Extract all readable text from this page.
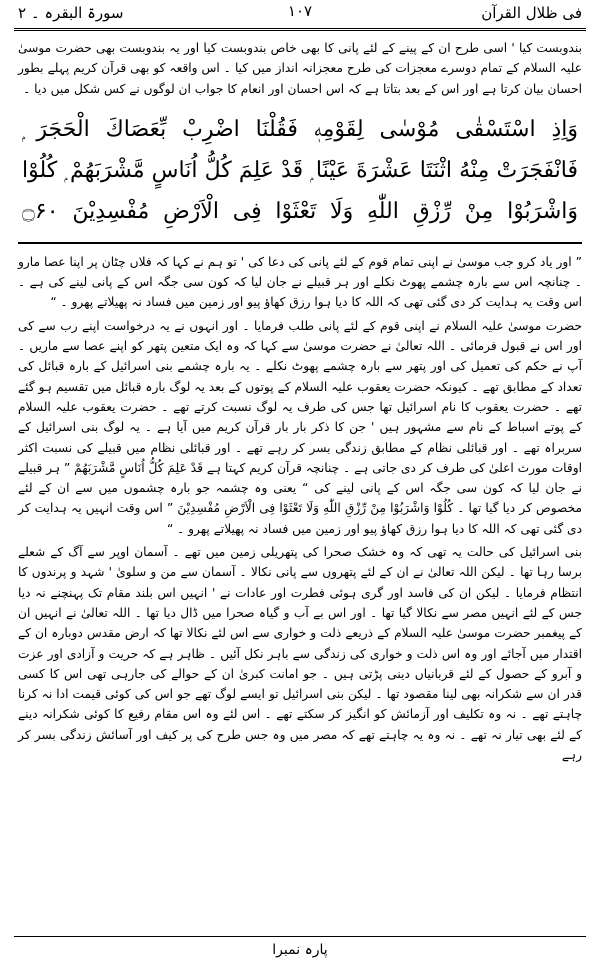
فی ظلال القرآن
۱۰۷
سورۃ البقرہ ۔ ۲

بندوبست کیا ' اسی طرح ان کے پینے کے لئے پانی کا بھی خاص بندوبست کیا اور یہ بندوبست بھی حضرت موسیٰ علیہ السلام کے تمام دوسرے معجزات کی طرح معجزانہ انداز میں کیا ۔ اس واقعہ کو بھی قرآن کریم پہلے بطور احسان بیان کرتا ہے اور اس کے بعد بتاتا ہے کہ اس احسان اور انعام کا جواب ان لوگوں نے کس شکل میں دیا ۔

وَاِذِ اسْتَسْقٰی مُوْسٰی لِقَوْمِهٖ فَقُلْنَا اضْرِبْ بِّعَصَاكَ الْحَجَرَ ۭ فَانْفَجَرَتْ مِنْهُ اثْنَتَا عَشْرَةَ عَيْنًا ۭ قَدْ عَلِمَ كُلُّ اُنَاسٍ مَّشْرَبَهُمْ ۭ كُلُوْا وَاشْرَبُوْا مِنْ رِّزْقِ اللّٰهِ وَلَا تَعْثَوْا فِی الْاَرْضِ مُفْسِدِيْنَ ۝۶۰

” اور یاد کرو جب موسیٰ نے اپنی تمام قوم کے لئے پانی کی دعا کی ' تو ہم نے کہا کہ فلاں چٹان پر اپنا عصا مارو ۔ چنانچہ اس سے بارہ چشمے پھوٹ نکلے اور ہر قبیلے نے جان لیا کہ کون سی جگہ اس کے پانی لینے کی ہے ۔ اس وقت یہ ہدایت کر دی گئی تھی کہ اللہ کا دیا ہوا رزق کھاؤ پیو اور زمین میں فساد نہ پھیلاتے پھرو ۔ “

حضرت موسیٰ علیہ السلام نے اپنی قوم کے لئے پانی طلب فرمایا ۔ اور انہوں نے یہ درخواست اپنے رب سے کی اور اس نے قبول فرمائی ۔ اللہ تعالیٰ نے حضرت موسیٰ سے کہا کہ وہ ایک متعین پتھر کو اپنے عصا سے ماریں ۔ آپ نے حکم کی تعمیل کی اور پتھر سے بارہ چشمے پھوٹ نکلے ۔ یہ بارہ چشمے بنی اسرائیل کے بارہ قبائل کی تعداد کے مطابق تھے ۔ کیونکہ حضرت یعقوب علیہ السلام کے پوتوں کے بعد یہ لوگ بارہ قبائل میں تقسیم ہو گئے تھے ۔ حضرت یعقوب کا نام اسرائیل تھا جس کی طرف یہ لوگ نسبت کرتے تھے ۔ حضرت یعقوب علیہ السلام کے پوتے اسباط کے نام سے مشہور ہیں ' جن کا ذکر بار بار قرآن کریم میں آیا ہے ۔ یہ لوگ بنی اسرائیل کے سربراہ تھے ۔ اور قبائلی نظام کے مطابق زندگی بسر کر رہے تھے ۔ اور قبائلی نظام میں قبیلے کی نسبت اکثر اوقات مورث اعلیٰ کی طرف کر دی جاتی ہے ۔ چنانچہ قرآن کریم کہتا ہے قَدْ عَلِمَ كُلُّ اُنَاسٍ مَّشْرَبَهُمْ ” ہر قبیلے نے جان لیا کہ کون سی جگہ اس کے پانی لینے کی “ یعنی وہ چشمہ جو بارہ چشموں میں سے ان کے لئے مخصوص کر دیا گیا تھا ۔ كُلُوْا وَاشْرَبُوْا مِنْ رِّزْقِ اللّٰهِ وَلَا تَعْثَوْا فِی الْاَرْضِ مُفْسِدِيْنَ ” اس وقت انہیں یہ ہدایت کر دی گئی تھی کہ اللہ کا دیا ہوا رزق کھاؤ پیو اور زمین میں فساد نہ پھیلاتے پھرو ۔ “

بنی اسرائیل کی حالت یہ تھی کہ وہ خشک صحرا کی پتھریلی زمین میں تھے ۔ آسمان اوپر سے آگ کے شعلے برسا رہا تھا ۔ لیکن اللہ تعالیٰ نے ان کے لئے پتھروں سے پانی نکالا ۔ آسمان سے من و سلویٰ ' شہد و پرندوں کا انتظام فرمایا ۔ لیکن ان کی فاسد اور گری ہوئی فطرت اور عادات نے ' انہیں اس بلند مقام تک پہنچنے نہ دیا جس کے لئے انہیں مصر سے نکالا گیا تھا ۔ اور اس بے آب و گیاہ صحرا میں ڈال دیا تھا ۔ اللہ تعالیٰ نے انہیں ان کے پیغمبر حضرت موسیٰ علیہ السلام کے ذریعے ذلت و خواری سے اس لئے نکالا تھا کہ ارض مقدس دوبارہ ان کے اقتدار میں آجائے اور وہ اس ذلت و خواری کی زندگی سے باہر نکل آئیں ۔ ظاہر ہے کہ حریت و آزادی اور عزت و آبرو کے حصول کے لئے قربانیاں دینی پڑتی ہیں ۔ جو امانت کبریٰ ان کے حوالے کی جارہی تھی اس کا کسی قدر ان سے شکرانہ بھی لینا مقصود تھا ۔ لیکن بنی اسرائیل تو ایسے لوگ تھے جو اس کی کوئی قیمت ادا نہ کرنا چاہتے تھے ۔ نہ وہ تکلیف اور آزمائش کو انگیز کر سکتے تھے ۔ اس لئے وہ اس مقام رفیع کا کوئی شکرانہ دینے کے لئے بھی تیار نہ تھے ۔ نہ وہ یہ چاہتے تھے کہ مصر میں وہ جس طرح کی پر کیف اور آسائش زندگی بسر کر رہے

پارہ نمبرا
